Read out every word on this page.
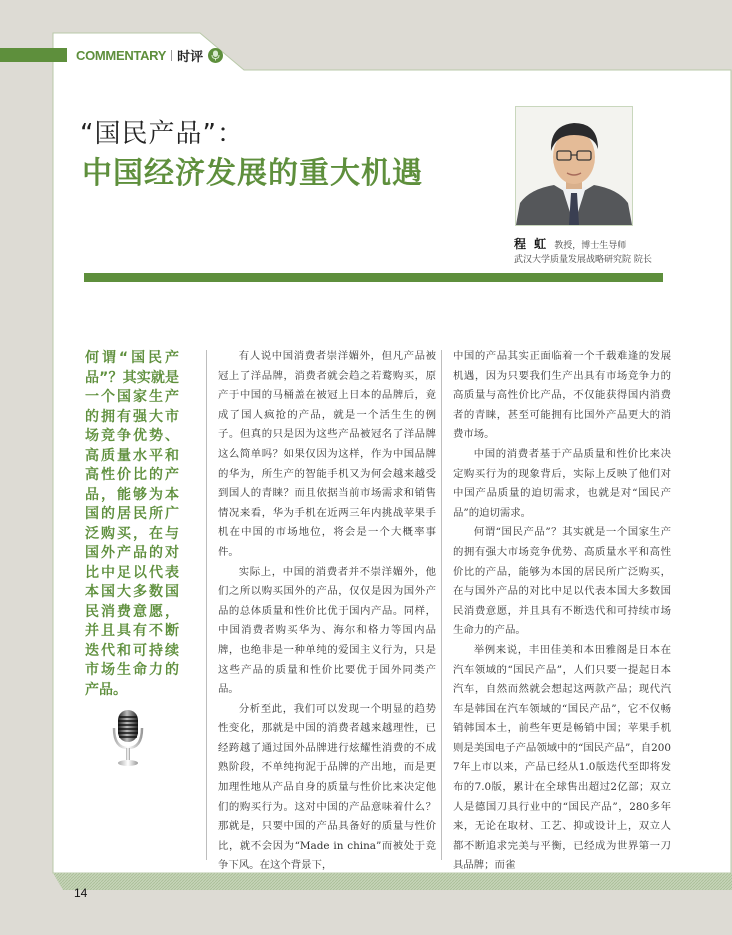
COMMENTARY 时评
“国民产品”：
中国经济发展的重大机遇
程 虹 教授，博士生导师
武汉大学质量发展战略研究院 院长
何谓“国民产品”？其实就是一个国家生产的拥有强大市场竞争优势、高质量水平和高性价比的产品，能够为本国的居民所广泛购买，在与国外产品的对比中足以代表本国大多数国民消费意愿，并且具有不断迭代和可持续市场生命力的产品。

有人说中国消费者崇洋媚外，但凡产品被冠上了洋品牌，消费者就会趋之若鹜购买，原产于中国的马桶盖在被冠上日本的品牌后，竟成了国人疯抢的产品，就是一个活生生的例子。但真的只是因为这些产品被冠名了洋品牌这么简单吗？如果仅因为这样，作为中国品牌的华为，所生产的智能手机又为何会越来越受到国人的青睐？而且依据当前市场需求和销售情况来看，华为手机在近两三年内挑战苹果手机在中国的市场地位，将会是一个大概率事件。

实际上，中国的消费者并不崇洋媚外，他们之所以购买国外的产品，仅仅是因为国外产品的总体质量和性价比优于国内产品。同样，中国消费者购买华为、海尔和格力等国内品牌，也绝非是一种单纯的爱国主义行为，只是这些产品的质量和性价比要优于国外同类产品。

分析至此，我们可以发现一个明显的趋势性变化，那就是中国的消费者越来越理性，已经跨越了通过国外品牌进行炫耀性消费的不成熟阶段，不单纯拘泥于品牌的产出地，而是更加理性地从产品自身的质量与性价比来决定他们的购买行为。这对中国的产品意味着什么？那就是，只要中国的产品具备好的质量与性价比，就不会因为“Made in china”而被处于竞争下风。在这个背景下，

中国的产品其实正面临着一个千载难逢的发展机遇，因为只要我们生产出具有市场竞争力的高质量与高性价比产品，不仅能获得国内消费者的青睐，甚至可能拥有比国外产品更大的消费市场。

中国的消费者基于产品质量和性价比来决定购买行为的现象背后，实际上反映了他们对中国产品质量的迫切需求，也就是对“国民产品”的迫切需求。

何谓“国民产品”？其实就是一个国家生产的拥有强大市场竞争优势、高质量水平和高性价比的产品，能够为本国的居民所广泛购买，在与国外产品的对比中足以代表本国大多数国民消费意愿，并且具有不断迭代和可持续市场生命力的产品。

举例来说，丰田佳美和本田雅阁是日本在汽车领域的“国民产品”，人们只要一提起日本汽车，自然而然就会想起这两款产品；现代汽车是韩国在汽车领域的“国民产品”，它不仅畅销韩国本土，前些年更是畅销中国；苹果手机则是美国电子产品领域中的“国民产品”，自2007年上市以来，产品已经从1.0版迭代至即将发布的7.0版，累计在全球售出超过2亿部；双立人是德国刀具行业中的“国民产品”，280多年来，无论在取材、工艺、抑或设计上，双立人都不断追求完美与平衡，已经成为世界第一刀具品牌；而雀

14
